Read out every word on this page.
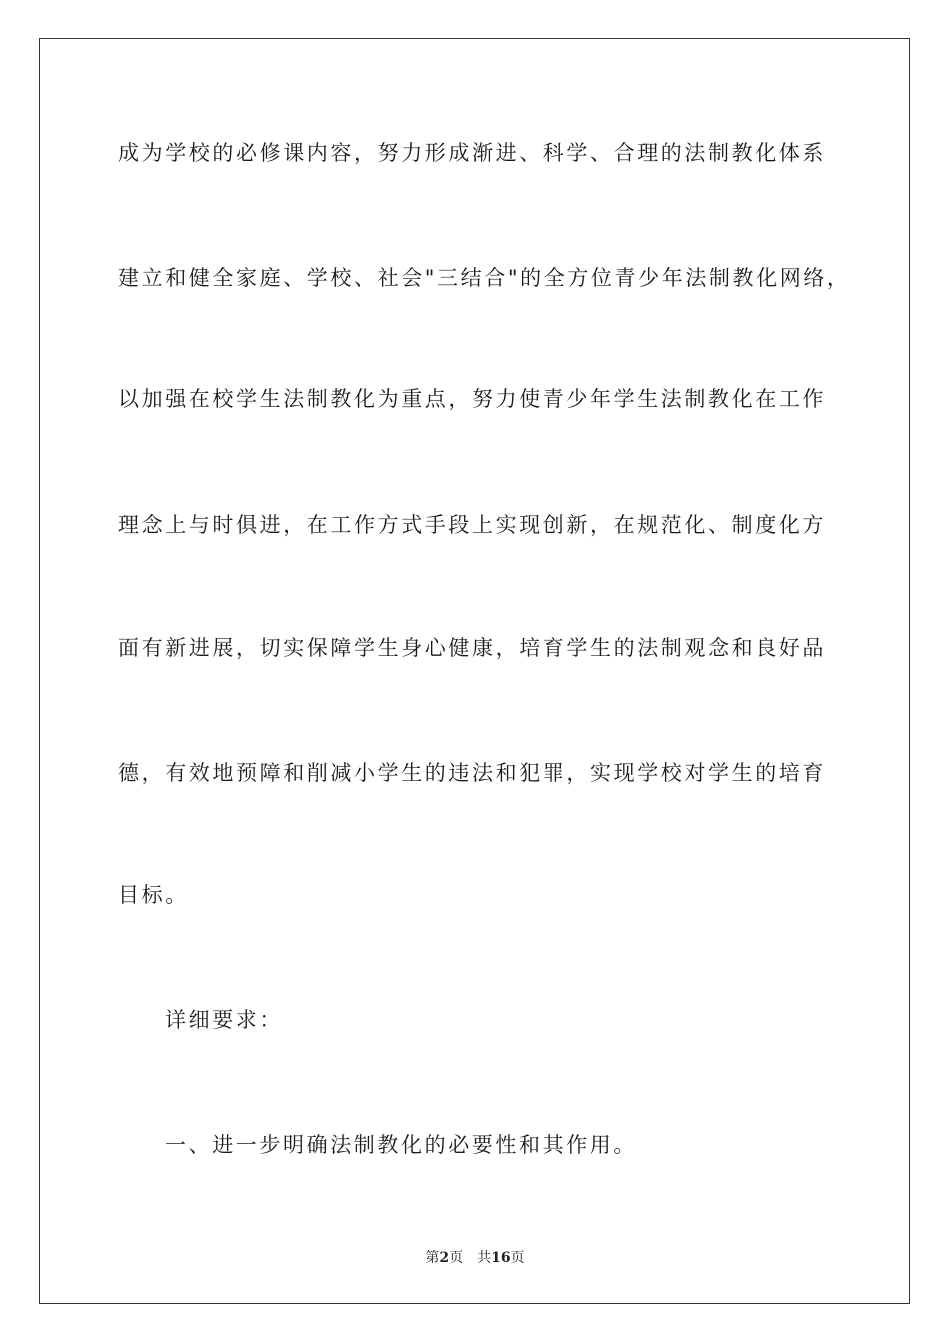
成为学校的必修课内容，努力形成渐进、科学、合理的法制教化体系
建立和健全家庭、学校、社会"三结合"的全方位青少年法制教化网络，
以加强在校学生法制教化为重点，努力使青少年学生法制教化在工作
理念上与时俱进，在工作方式手段上实现创新，在规范化、制度化方
面有新进展，切实保障学生身心健康，培育学生的法制观念和良好品
德，有效地预障和削减小学生的违法和犯罪，实现学校对学生的培育
目标。
详细要求：
一、进一步明确法制教化的必要性和其作用。
第2页 共16页
